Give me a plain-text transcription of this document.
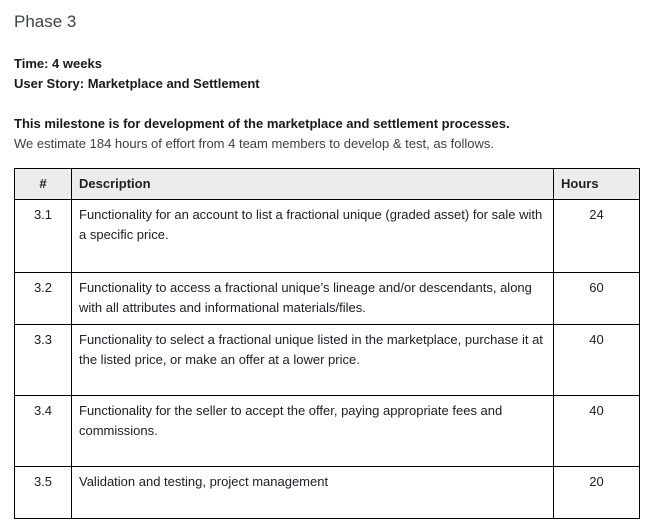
Phase 3

Time: 4 weeks

User Story: Marketplace and Settlement

This milestone is for development of the marketplace and settlement processes.

We estimate 184 hours of effort from 4 team members to develop & test, as follows.

#	Description	Hours
3.1	Functionality for an account to list a fractional unique (graded asset) for sale with a specific price.	24
3.2	Functionality to access a fractional unique’s lineage and/or descendants, along with all attributes and informational materials/files.	60
3.3	Functionality to select a fractional unique listed in the marketplace, purchase it at the listed price, or make an offer at a lower price.	40
3.4	Functionality for the seller to accept the offer, paying appropriate fees and commissions.	40
3.5	Validation and testing, project management	20
